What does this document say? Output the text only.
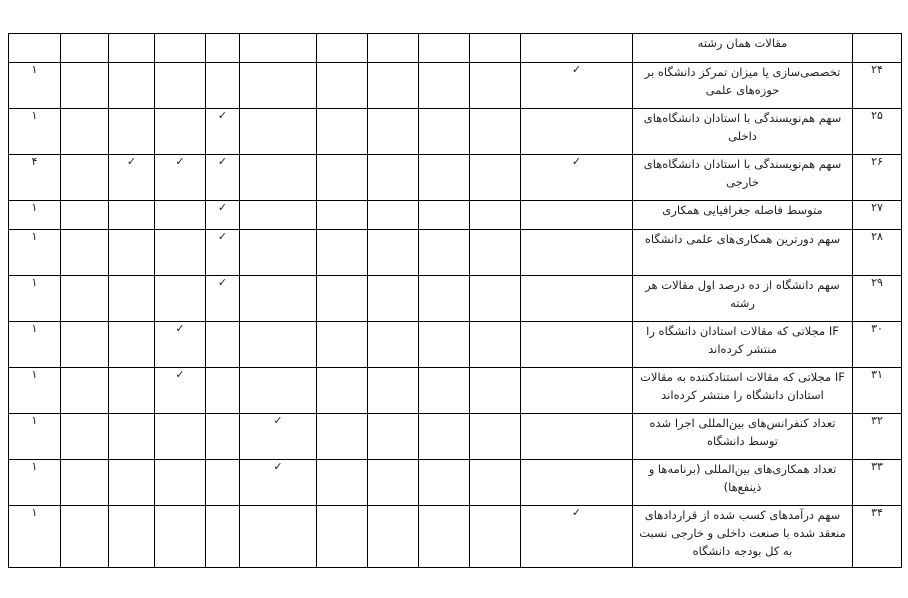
											مقالات همان رشته	
۱										✓	تخصصی‌سازی یا میزان تمرکز دانشگاه بر حوزه‌های علمی	۲۴
۱				✓							سهم هم‌نویسندگی با استادان دانشگاه‌های داخلی	۲۵
۴		✓	✓	✓						✓	سهم هم‌نویسندگی با استادان دانشگاه‌های خارجی	۲۶
۱				✓							متوسط فاصله جغرافیایی همکاری	۲۷
۱				✓							سهم دورترین همکاری‌های علمی دانشگاه	۲۸
۱				✓							سهم دانشگاه از ده درصد اول مقالات هر رشته	۲۹
۱			✓								IF مجلاتی که مقالات استادان دانشگاه را منتشر کرده‌اند	۳۰
۱			✓								IF مجلاتی که مقالات استنادکننده به مقالات استادان دانشگاه را منتشر کرده‌اند	۳۱
۱					✓						تعداد کنفرانس‌های بین‌المللی اجرا شده توسط دانشگاه	۳۲
۱					✓						تعداد همکاری‌های بین‌المللی (برنامه‌ها و ذینفع‌ها)	۳۳
۱										✓	سهم درآمدهای کسب شده از قراردادهای منعقد شده با صنعت داخلی و خارجی نسبت به کل بودجه دانشگاه	۳۴
